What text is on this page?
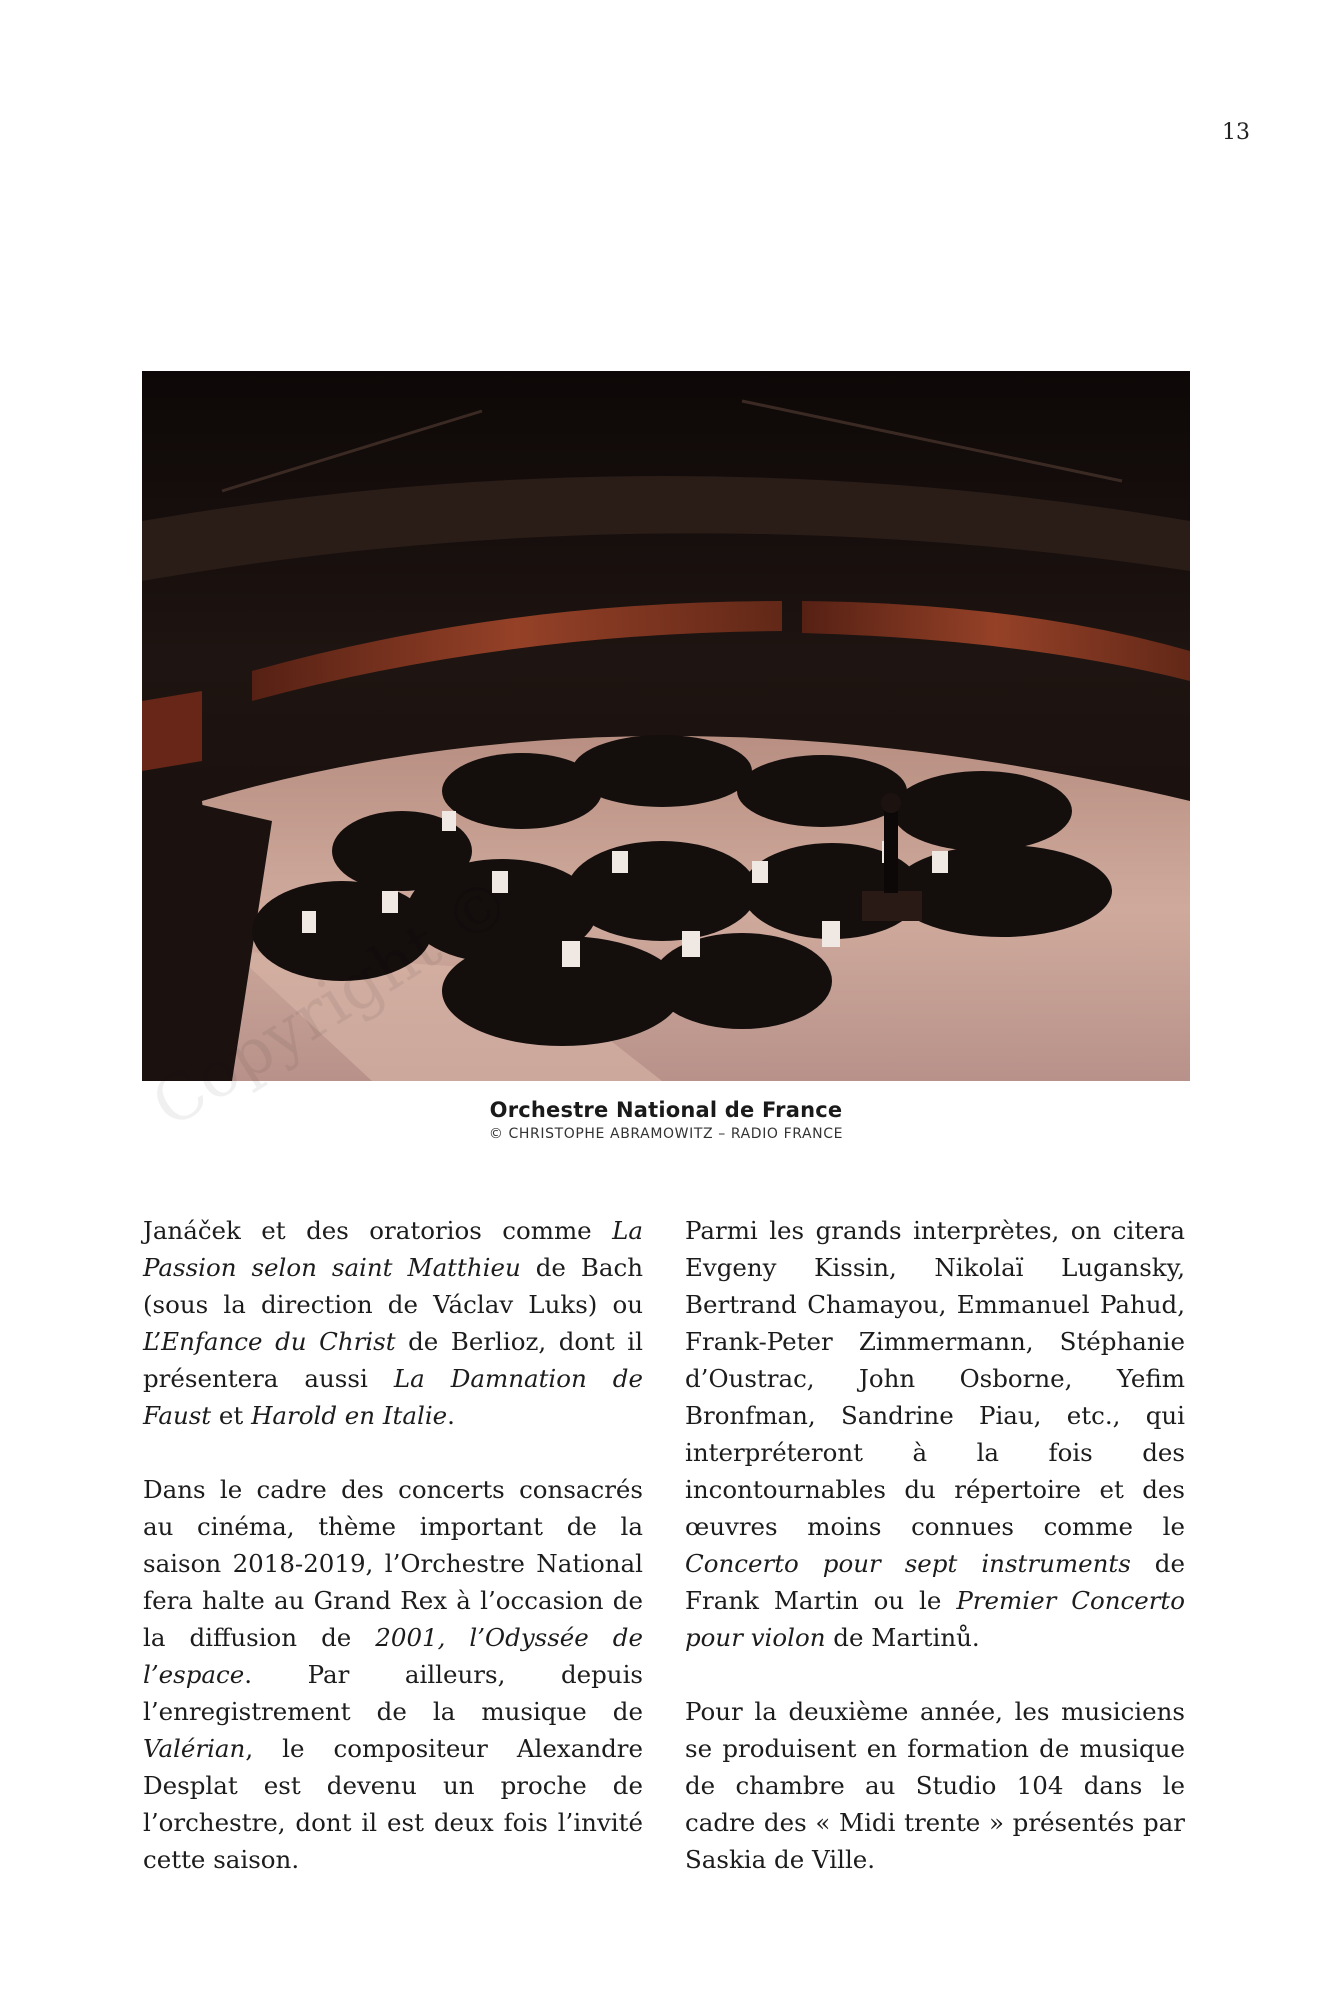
13
Orchestre National de France
© CHRISTOPHE ABRAMOWITZ – RADIO FRANCE

Janáček et des oratorios comme La Passion selon saint Matthieu de Bach (sous la direction de Václav Luks) ou L’Enfance du Christ de Berlioz, dont il présentera aussi La Damnation de Faust et Harold en Italie.

Dans le cadre des concerts consacrés au cinéma, thème important de la saison 2018-2019, l’Orchestre National fera halte au Grand Rex à l’occasion de la diffusion de 2001, l’Odyssée de l’espace. Par ailleurs, depuis l’enregistrement de la musique de Valérian, le compositeur Alexandre Desplat est devenu un proche de l’orchestre, dont il est deux fois l’invité cette saison.

Parmi les grands interprètes, on citera Evgeny Kissin, Nikolaï Lugansky, Bertrand Chamayou, Emmanuel Pahud, Frank-Peter Zimmermann, Stéphanie d’Oustrac, John Osborne, Yefim Bronfman, Sandrine Piau, etc., qui interpréteront à la fois des incontournables du répertoire et des œuvres moins connues comme le Concerto pour sept instruments de Frank Martin ou le Premier Concerto pour violon de Martinů.

Pour la deuxième année, les musiciens se produisent en formation de musique de chambre au Studio 104 dans le cadre des « Midi trente » présentés par Saskia de Ville.
